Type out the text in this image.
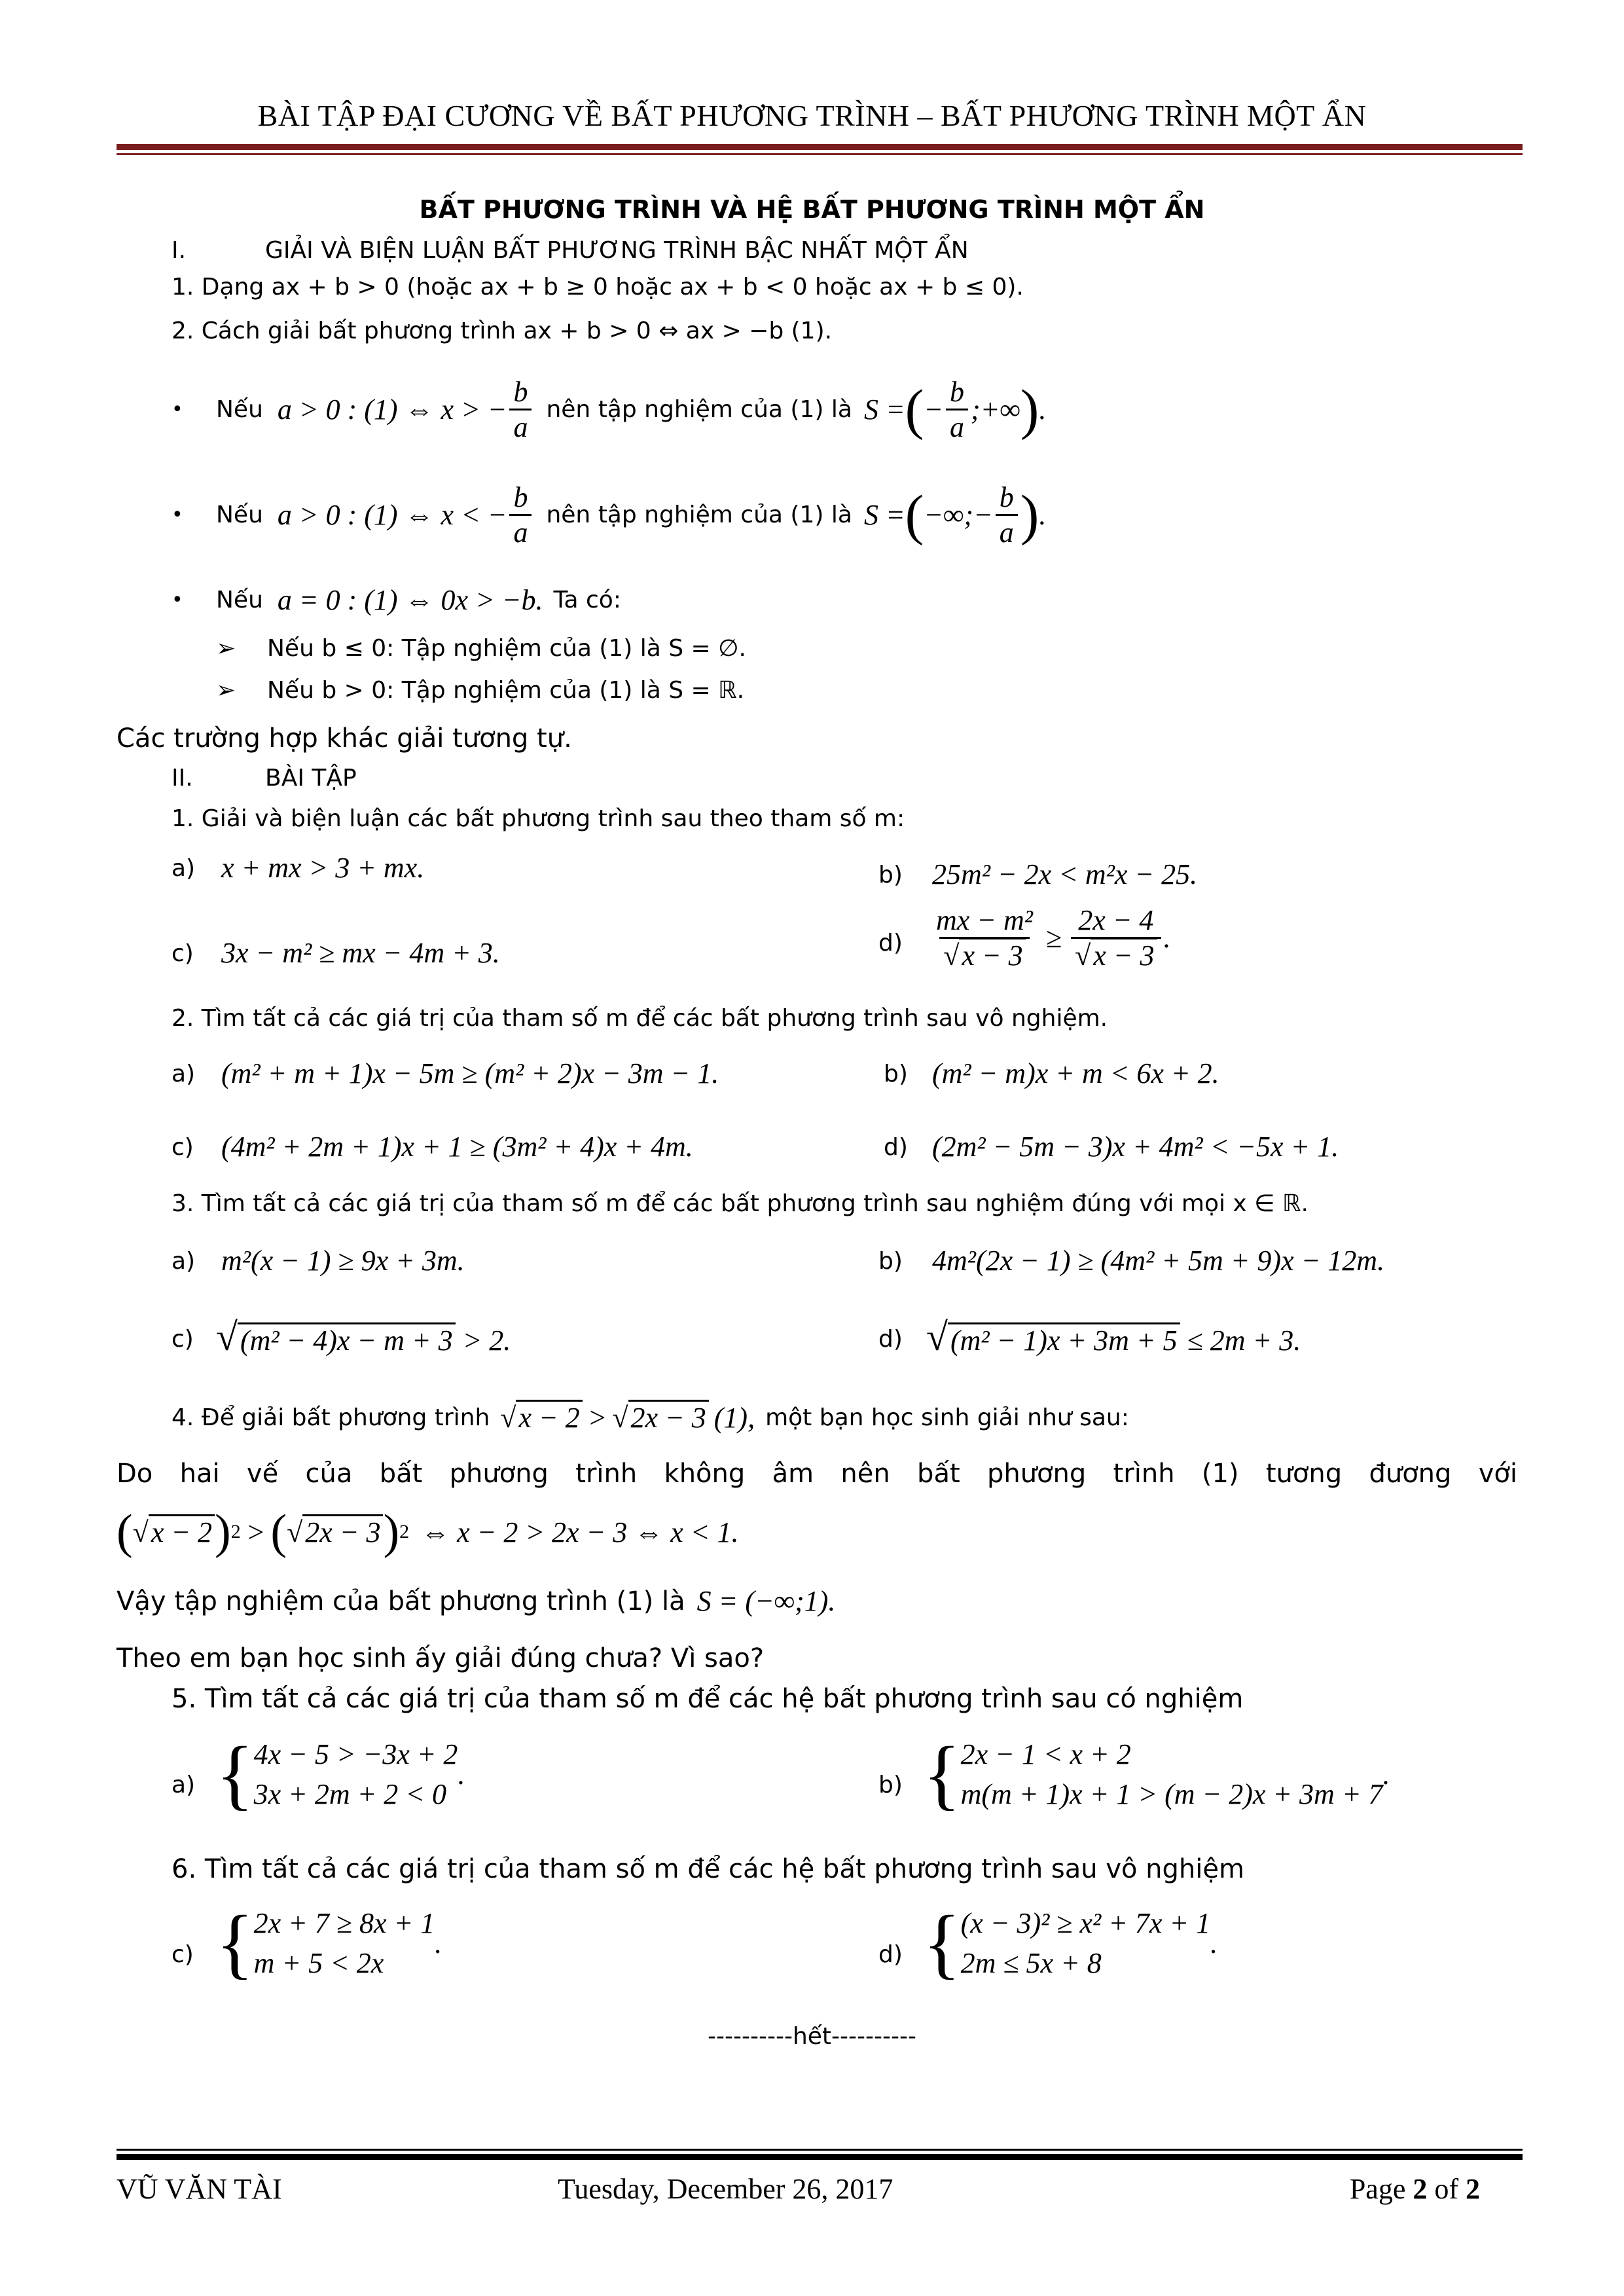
BÀI TẬP ĐẠI CƯƠNG VỀ BẤT PHƯƠNG TRÌNH – BẤT PHƯƠNG TRÌNH MỘT ẨN
BẤT PHƯƠNG TRÌNH VÀ HỆ BẤT PHƯƠNG TRÌNH MỘT ẨN
I.	GIẢI VÀ BIỆN LUẬN BẤT PHƯƠNG TRÌNH BẬC NHẤT MỘT ẨN
1. Dạng ax + b > 0 (hoặc ax + b ≥ 0 hoặc ax + b < 0 hoặc ax + b ≤ 0).
2. Cách giải bất phương trình ax + b > 0 ⇔ ax > −b (1).
•	Nếu a > 0 : (1) ⇔ x > − $\frac{b}{a}$ nên tập nghiệm của (1) là S = ( − $\frac{b}{a}$ ;+∞ ) .
•	Nếu a > 0 : (1) ⇔ x < − $\frac{b}{a}$ nên tập nghiệm của (1) là S = ( −∞;− $\frac{b}{a}$ ) .
•	Nếu a = 0 : (1) ⇔ 0x > −b. Ta có:
➢	Nếu b ≤ 0: Tập nghiệm của (1) là S = ∅.
➢	Nếu b > 0: Tập nghiệm của (1) là S = ℝ.
Các trường hợp khác giải tương tự.
II.	BÀI TẬP
1. Giải và biện luận các bất phương trình sau theo tham số m:
a) x + mx > 3 + mx.	b) 25m² − 2x < m²x − 25.
c) 3x − m² ≥ mx − 4m + 3.	$d) \frac{\text{mx − m²}}{√x - 3} \ge \frac{2x - 4}{√x - 3}$ .
2. Tìm tất cả các giá trị của tham số m để các bất phương trình sau vô nghiệm.
a) (m² + m + 1)x − 5m ≥ (m² + 2)x − 3m − 1.	b) (m² − m)x + m < 6x + 2.
c) (4m² + 2m + 1)x + 1 ≥ (3m² + 4)x + 4m.	d) (2m² − 5m − 3)x + 4m² < −5x + 1.
3. Tìm tất cả các giá trị của tham số m để các bất phương trình sau nghiệm đúng với mọi x ∈ ℝ.
a) m²(x − 1) ≥ 9x + 3m.	b) 4m²(2x − 1) ≥ (4m² + 5m + 9)x − 12m.
c) √(m² − 4)x − m + 3 > 2.	d) √(m² − 1)x + 3m + 5 ≤ 2m + 3.
4. Để giải bất phương trình √x − 2 > √2x − 3 (1), một bạn học sinh giải như sau:
Do hai vế của bất phương trình không âm nên bất phương trình (1) tương đương với
( √x − 2 ) 2 > ( √2x − 3 ) 2 ⇔ x − 2 > 2x − 3 ⇔ x < 1.
Vậy tập nghiệm của bất phương trình (1) là S = (−∞;1).
Theo em bạn học sinh ấy giải đúng chưa? Vì sao?
5. Tìm tất cả các giá trị của tham số m để các hệ bất phương trình sau có nghiệm
a) { 4x − 5 > −3x + 2
3x + 2m + 2 < 0
.	b) { 2x − 1 < x + 2
m(m + 1)x + 1 > (m − 2)x + 3m + 7
.
6. Tìm tất cả các giá trị của tham số m để các hệ bất phương trình sau vô nghiệm
c) { 2x + 7 ≥ 8x + 1
m + 5 < 2x
.	d) { (x − 3)² ≥ x² + 7x + 1
2m ≤ 5x + 8
.
----------hết----------
VŨ VĂN TÀI	Tuesday, December 26, 2017	Page 2 of 2
